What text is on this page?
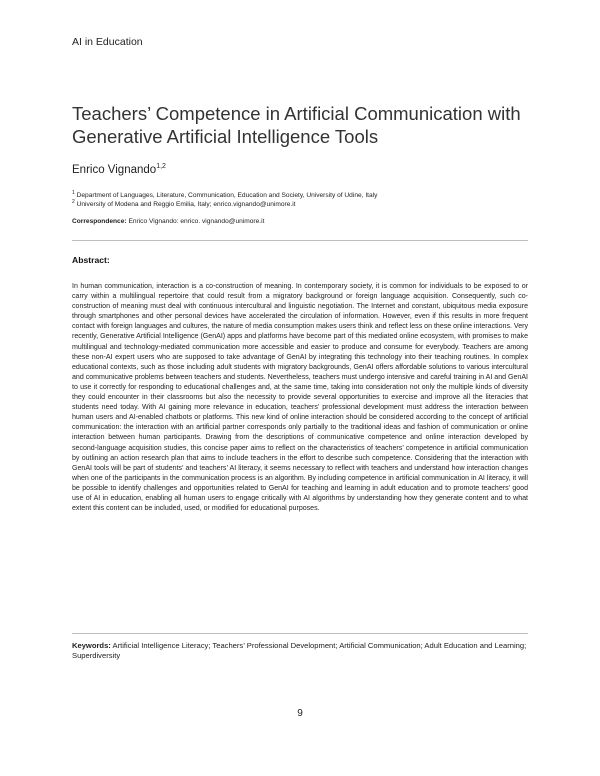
AI in Education
Teachers’ Competence in Artificial Communication with Generative Artificial Intelligence Tools
Enrico Vignando$^{1,2}$
$^1$ Department of Languages, Literature, Communication, Education and Society, University of Udine, Italy
$^2$ University of Modena and Reggio Emilia, Italy; enrico.vignando@unimore.it
Correspondence: Enrico Vignando: enrico. vignando@unimore.it
Abstract:

In human communication, interaction is a co-construction of meaning. In contemporary society, it is common for individuals to be exposed to or carry within a multilingual repertoire that could result from a migratory background or foreign language acquisition. Consequently, such co-construction of meaning must deal with continuous intercultural and linguistic negotiation. The Internet and constant, ubiquitous media exposure through smartphones and other personal devices have accelerated the circulation of information. However, even if this results in more frequent contact with foreign languages and cultures, the nature of media consumption makes users think and reflect less on these online interactions. Very recently, Generative Artificial Intelligence (GenAI) apps and platforms have become part of this mediated online ecosystem, with promises to make multilingual and technology-mediated communication more accessible and easier to produce and consume for everybody. Teachers are among these non-AI expert users who are supposed to take advantage of GenAI by integrating this technology into their teaching routines. In complex educational contexts, such as those including adult students with migratory backgrounds, GenAI offers affordable solutions to various intercultural and communicative problems between teachers and students. Nevertheless, teachers must undergo intensive and careful training in AI and GenAI to use it correctly for responding to educational challenges and, at the same time, taking into consideration not only the multiple kinds of diversity they could encounter in their classrooms but also the necessity to provide several opportunities to exercise and improve all the literacies that students need today. With AI gaining more relevance in education, teachers’ professional development must address the interaction between human users and AI-enabled chatbots or platforms. This new kind of online interaction should be considered according to the concept of artificial communication: the interaction with an artificial partner corresponds only partially to the traditional ideas and fashion of communication or online interaction between human participants. Drawing from the descriptions of communicative competence and online interaction developed by second-language acquisition studies, this concise paper aims to reflect on the characteristics of teachers’ competence in artificial communication by outlining an action research plan that aims to include teachers in the effort to describe such competence. Considering that the interaction with GenAI tools will be part of students’ and teachers’ AI literacy, it seems necessary to reflect with teachers and understand how interaction changes when one of the participants in the communication process is an algorithm. By including competence in artificial communication in AI literacy, it will be possible to identify challenges and opportunities related to GenAI for teaching and learning in adult education and to promote teachers’ good use of AI in education, enabling all human users to engage critically with AI algorithms by understanding how they generate content and to what extent this content can be included, used, or modified for educational purposes.

Keywords: Artificial Intelligence Literacy; Teachers’ Professional Development; Artificial Communication; Adult Education and Learning; Superdiversity

9
